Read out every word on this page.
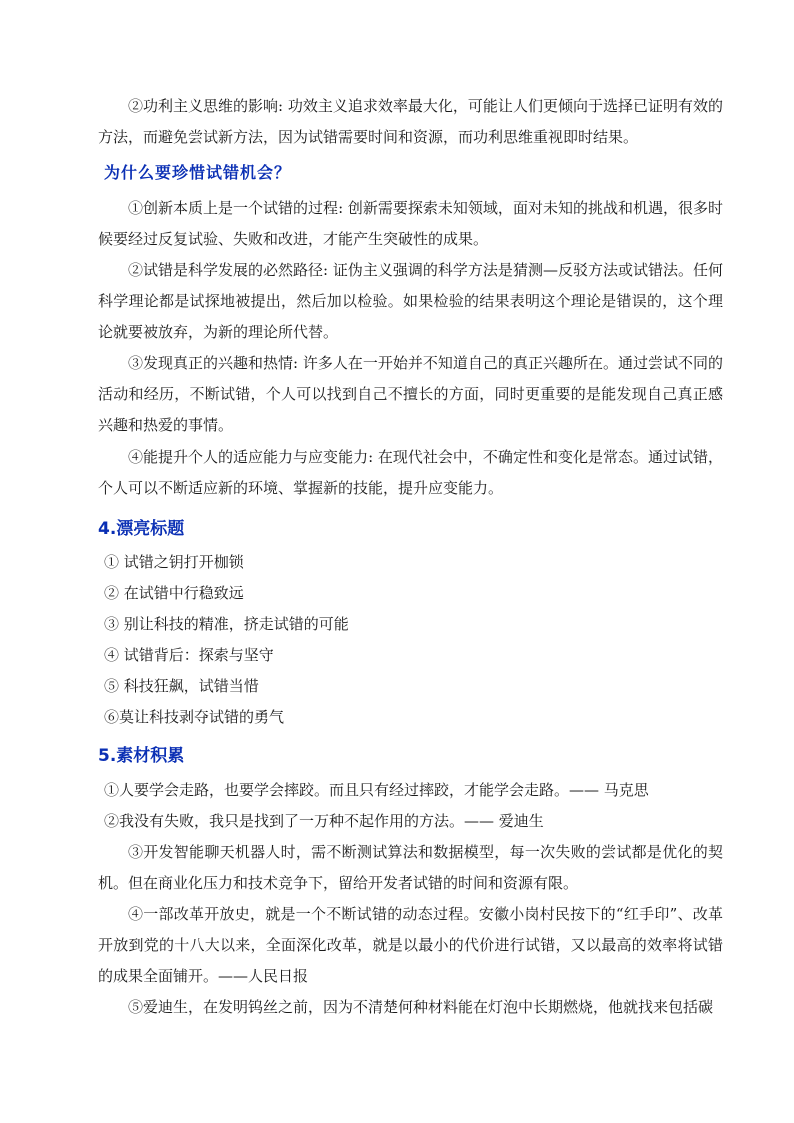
②功利主义思维的影响: 功效主义追求效率最大化，可能让人们更倾向于选择已证明有效的方法，而避免尝试新方法，因为试错需要时间和资源，而功利思维重视即时结果。

为什么要珍惜试错机会？

①创新本质上是一个试错的过程: 创新需要探索未知领域，面对未知的挑战和机遇，很多时候要经过反复试验、失败和改进，才能产生突破性的成果。

②试错是科学发展的必然路径: 证伪主义强调的科学方法是猜测—反驳方法或试错法。任何科学理论都是试探地被提出，然后加以检验。如果检验的结果表明这个理论是错误的，这个理论就要被放弃，为新的理论所代替。

③发现真正的兴趣和热情: 许多人在一开始并不知道自己的真正兴趣所在。通过尝试不同的活动和经历，不断试错，个人可以找到自己不擅长的方面，同时更重要的是能发现自己真正感兴趣和热爱的事情。

④能提升个人的适应能力与应变能力: 在现代社会中，不确定性和变化是常态。通过试错，个人可以不断适应新的环境、掌握新的技能，提升应变能力。

4.漂亮标题

① 试错之钥打开枷锁

② 在试错中行稳致远

③ 别让科技的精准，挤走试错的可能

④ 试错背后：探索与坚守

⑤ 科技狂飙，试错当惜

⑥莫让科技剥夺试错的勇气

5.素材积累

①人要学会走路，也要学会摔跤。而且只有经过摔跤，才能学会走路。—— 马克思

②我没有失败，我只是找到了一万种不起作用的方法。—— 爱迪生

③开发智能聊天机器人时，需不断测试算法和数据模型，每一次失败的尝试都是优化的契机。但在商业化压力和技术竞争下，留给开发者试错的时间和资源有限。

④一部改革开放史，就是一个不断试错的动态过程。安徽小岗村民按下的“红手印”、改革开放到党的十八大以来，全面深化改革，就是以最小的代价进行试错，又以最高的效率将试错的成果全面铺开。——人民日报

⑤爱迪生，在发明钨丝之前，因为不清楚何种材料能在灯泡中长期燃烧，他就找来包括碳
